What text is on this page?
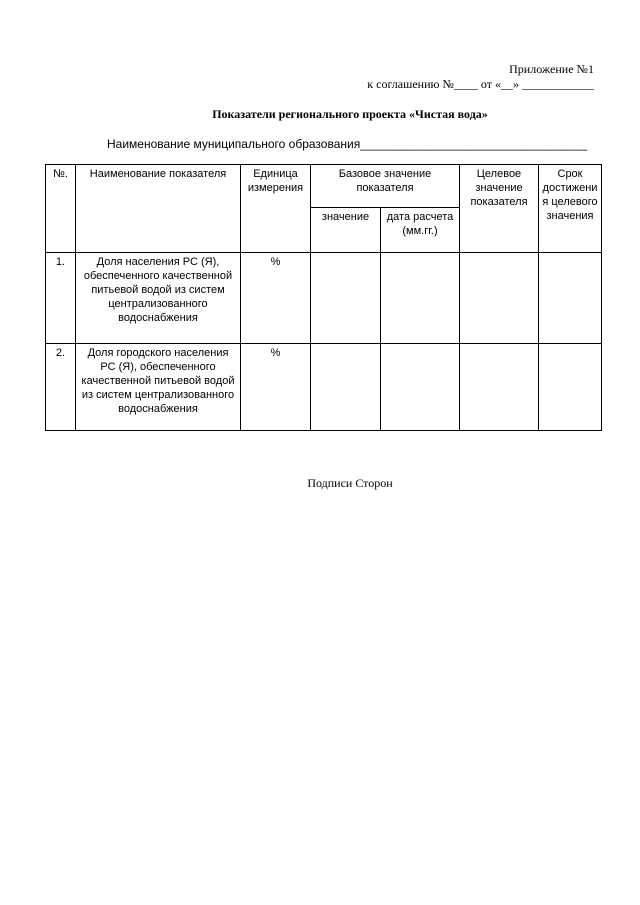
Приложение №1
к соглашению №____ от «__» ____________
Показатели регионального проекта «Чистая вода»
Наименование муниципального образования__________________________________
№.	Наименование показателя	Единица измерения	Базовое значение показателя		Целевое значение показателя	Срок достижения целевого значения
			значение	дата расчета (мм.гг.)		
1.	Доля населения РС (Я), обеспеченного качественной питьевой водой из систем централизованного водоснабжения	%				
2.	Доля городского населения РС (Я), обеспеченного качественной питьевой водой из систем централизованного водоснабжения	%				
Подписи Сторон
